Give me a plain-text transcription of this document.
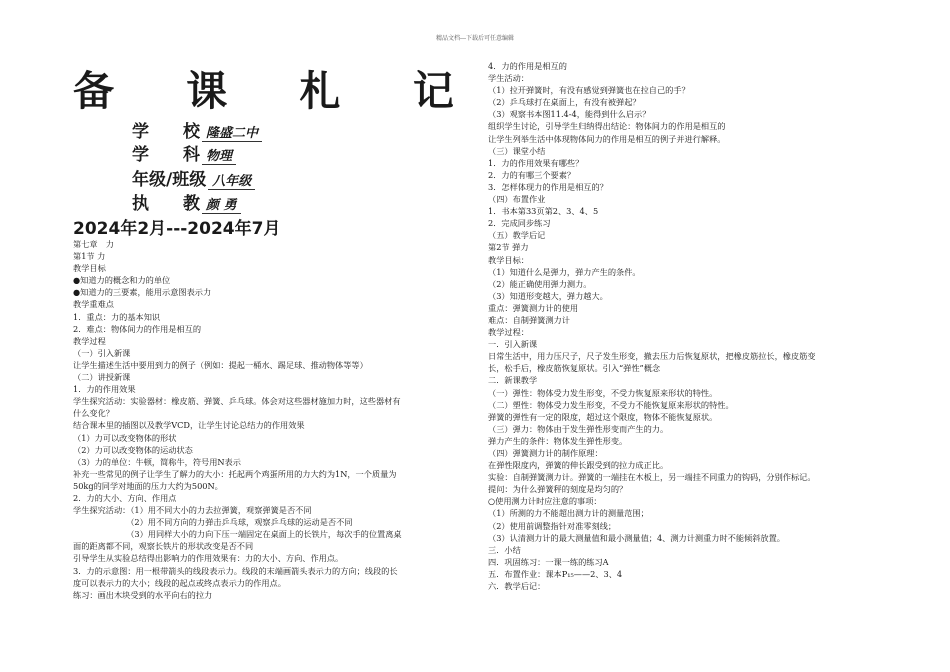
精品文档---下载后可任意编辑
备 课 札 记
学　　校 隆盛二中
学　　科 物理
年级/班级 八年级
执　　教 颜 勇
2024年2月---2024年7月
第七章　力
第1节 力
教学目标
●知道力的概念和力的单位
●知道力的三要素，能用示意图表示力
教学重难点
1．重点：力的基本知识
2．难点：物体间力的作用是相互的
教学过程
（一）引入新课
让学生描述生活中要用到力的例子（例如：提起一桶水、踢足球、推动物体等等）
（二）讲授新课
1．力的作用效果
学生探究活动：实验器材：橡皮筋、弹簧、乒乓球。体会对这些器材施加力时，这些器材有
什么变化？
结合课本里的插图以及教学VCD，让学生讨论总结力的作用效果
（1）力可以改变物体的形状
（2）力可以改变物体的运动状态
（3）力的单位：牛顿，简称牛，符号用N表示
补充一些常见的例子让学生了解力的大小：托起两个鸡蛋所用的力大约为1N，一个质量为
50kg的同学对地面的压力大约为500N。
2．力的大小、方向、作用点
学生探究活动：（1）用不同大小的力去拉弹簧，观察弹簧是否不同
　　　　　　　（2）用不同方向的力弹击乒乓球，观察乒乓球的运动是否不同
　　　　　　　（3）用同样大小的力向下压一端固定在桌面上的长铁片，每次手的位置离桌
面的距离都不同，观察长铁片的形状改变是否不同
引导学生从实验总结得出影响力的作用效果有：力的大小、方向、作用点。
3．力的示意图：用一根带箭头的线段表示力。线段的末端画箭头表示力的方向；线段的长
度可以表示力的大小；线段的起点或终点表示力的作用点。
练习：画出木块受到的水平向右的拉力
4．力的作用是相互的
学生活动：
（1）拉开弹簧时，有没有感觉到弹簧也在拉自己的手？
（2）乒乓球打在桌面上，有没有被弹起？
（3）观察书本图11.4-4，能得到什么启示？
组织学生讨论，引导学生归纳得出结论：物体间力的作用是相互的
让学生列举生活中体现物体间力的作用是相互的例子并进行解释。
（三）课堂小结
1．力的作用效果有哪些？
2．力的有哪三个要素？
3．怎样体现力的作用是相互的？
（四）布置作业
1．书本第33页第2、3、4、5
2．完成同步练习
（五）教学后记
第2节 弹力
教学目标：
（1）知道什么是弹力，弹力产生的条件。
（2）能正确使用弹力测力。
（3）知道形变越大，弹力越大。
重点：弹簧测力计的使用
难点：自制弹簧测力计
教学过程：
一．引入新课
日常生活中，用力压尺子，尺子发生形变，撤去压力后恢复原状，把橡皮筋拉长，橡皮筋变
长，松手后，橡皮筋恢复原状。引入“弹性”概念
二．新课教学
（一）弹性：物体受力发生形变，不受力恢复原来形状的特性。
（二）塑性：物体受力发生形变，不受力不能恢复原来形状的特性。
弹簧的弹性有一定的限度，超过这个限度，物体不能恢复原状。
（三）弹力：物体由于发生弹性形变而产生的力。
弹力产生的条件：物体发生弹性形变。
（四）弹簧测力计的制作原理：
在弹性限度内，弹簧的伸长跟受到的拉力成正比。
实验：自制弹簧测力计。弹簧的一端挂在木板上，另一端挂不同重力的钩码，分别作标记。
提问：为什么弹簧秤的刻度是均匀的？
○使用测力计时应注意的事项：
（1）所测的力不能超出测力计的测量范围；
（2）使用前调整指针对准零刻线；
（3）认清测力计的最大测量值和最小测量值；4、测力计测重力时不能倾斜放置。
三．小结
四．巩固练习：一课一练的练习A
五．布置作业：课本P₁₅——2、3、4
六．教学后记：
